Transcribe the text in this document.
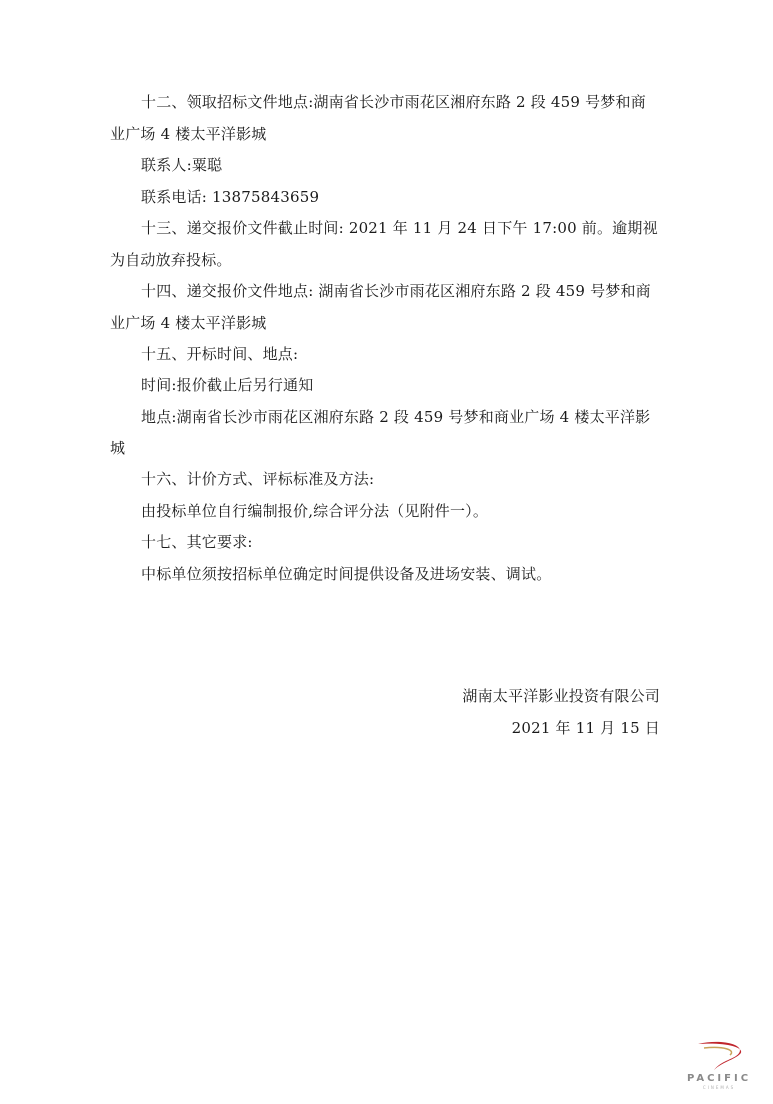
十二、领取招标文件地点:湖南省长沙市雨花区湘府东路 2 段 459 号梦和商
业广场 4 楼太平洋影城
联系人:粟聪
联系电话: 13875843659
十三、递交报价文件截止时间: 2021 年 11 月 24 日下午 17:00 前。逾期视
为自动放弃投标。
十四、递交报价文件地点: 湖南省长沙市雨花区湘府东路 2 段 459 号梦和商
业广场 4 楼太平洋影城
十五、开标时间、地点:
时间:报价截止后另行通知
地点:湖南省长沙市雨花区湘府东路 2 段 459 号梦和商业广场 4 楼太平洋影
城
十六、计价方式、评标标准及方法:
由投标单位自行编制报价,综合评分法（见附件一）。
十七、其它要求:
中标单位须按招标单位确定时间提供设备及进场安装、调试。
湖南太平洋影业投资有限公司
2021 年 11 月 15 日
PACIFIC
CINEMAS
